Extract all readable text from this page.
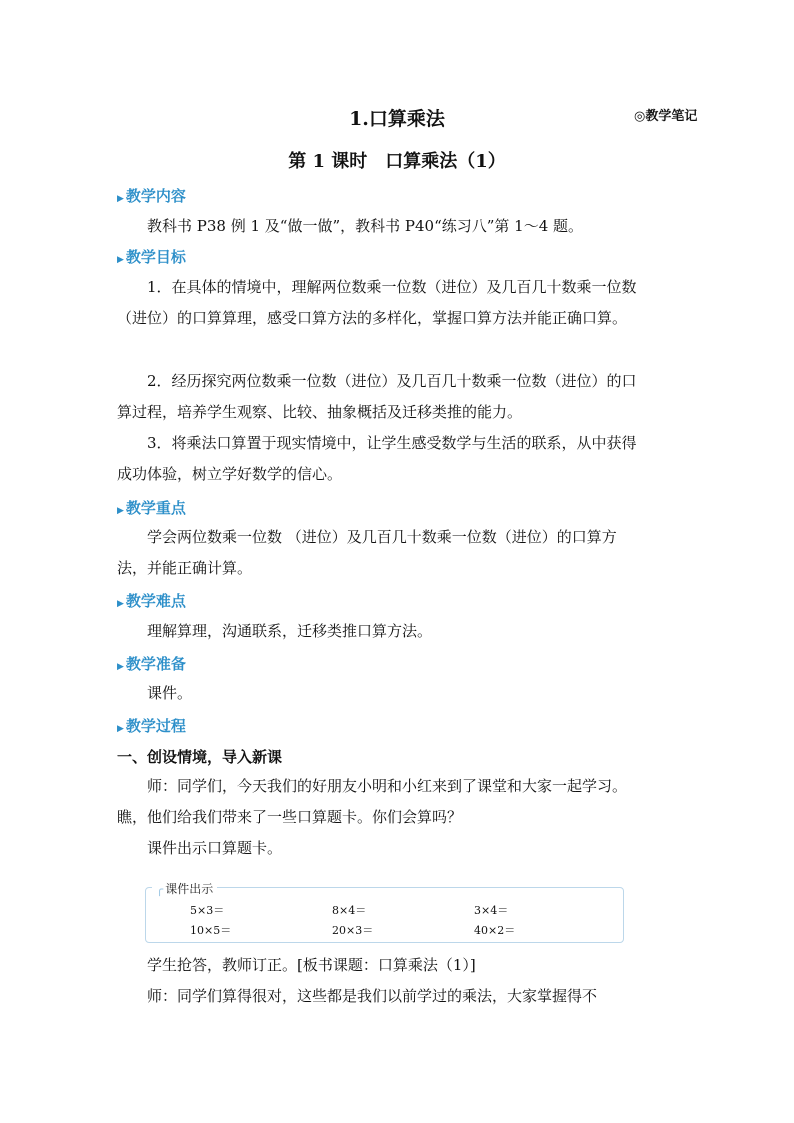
1.口算乘法	◎教学笔记
第 1 课时　口算乘法（1）
▶ 教学内容
教科书 P38 例 1 及“做一做”，教科书 P40“练习八”第 1～4 题。
▶ 教学目标
1．在具体的情境中，理解两位数乘一位数（进位）及几百几十数乘一位数（进位）的口算算理，感受口算方法的多样化，掌握口算方法并能正确口算。
2．经历探究两位数乘一位数（进位）及几百几十数乘一位数（进位）的口算过程，培养学生观察、比较、抽象概括及迁移类推的能力。
3．将乘法口算置于现实情境中，让学生感受数学与生活的联系，从中获得成功体验，树立学好数学的信心。
▶ 教学重点
学会两位数乘一位数 （进位）及几百几十数乘一位数（进位）的口算方法，并能正确计算。
▶ 教学难点
理解算理，沟通联系，迁移类推口算方法。
▶ 教学准备
课件。
▶ 教学过程
一、创设情境，导入新课
师：同学们，今天我们的好朋友小明和小红来到了课堂和大家一起学习。瞧，他们给我们带来了一些口算题卡。你们会算吗？
课件出示口算题卡。
╭ 课件出示
5×3＝	8×4＝	3×4＝
10×5＝	20×3＝	40×2＝
学生抢答，教师订正。[板书课题：口算乘法（1）]
师：同学们算得很对，这些都是我们以前学过的乘法，大家掌握得不
